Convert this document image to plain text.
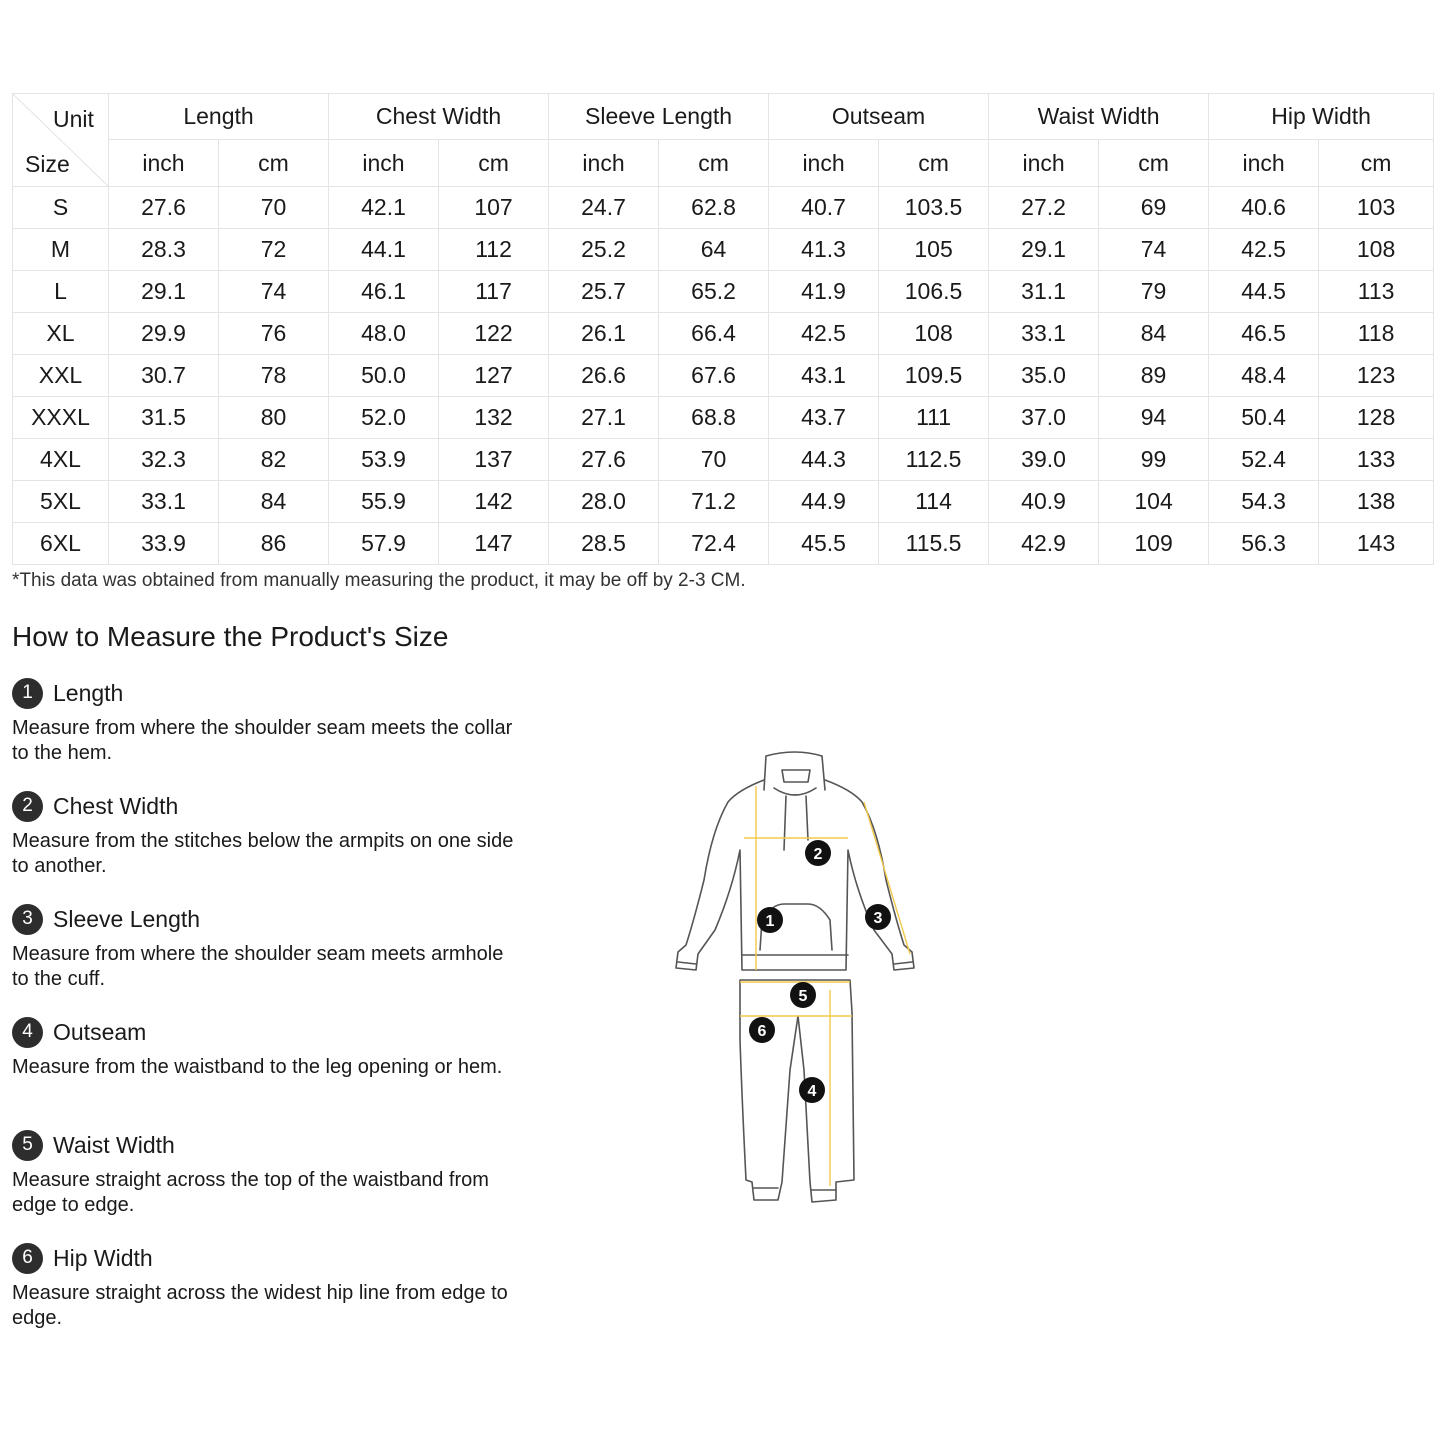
Unit
Size	Length		Chest Width		Sleeve Length		Outseam		Waist Width		Hip Width	
	inch	cm	inch	cm	inch	cm	inch	cm	inch	cm	inch	cm
S	27.6	70	42.1	107	24.7	62.8	40.7	103.5	27.2	69	40.6	103
M	28.3	72	44.1	112	25.2	64	41.3	105	29.1	74	42.5	108
L	29.1	74	46.1	117	25.7	65.2	41.9	106.5	31.1	79	44.5	113
XL	29.9	76	48.0	122	26.1	66.4	42.5	108	33.1	84	46.5	118
XXL	30.7	78	50.0	127	26.6	67.6	43.1	109.5	35.0	89	48.4	123
XXXL	31.5	80	52.0	132	27.1	68.8	43.7	111	37.0	94	50.4	128
4XL	32.3	82	53.9	137	27.6	70	44.3	112.5	39.0	99	52.4	133
5XL	33.1	84	55.9	142	28.0	71.2	44.9	114	40.9	104	54.3	138
6XL	33.9	86	57.9	147	28.5	72.4	45.5	115.5	42.9	109	56.3	143
*This data was obtained from manually measuring the product, it may be off by 2-3 CM.
How to Measure the Product's Size
1 Length
Measure from where the shoulder seam meets the collar to the hem.
2 Chest Width
Measure from the stitches below the armpits on one side to another.
3 Sleeve Length
Measure from where the shoulder seam meets armhole to the cuff.
4 Outseam
Measure from the waistband to the leg opening or hem.
5 Waist Width
Measure straight across the top of the waistband from edge to edge.
6 Hip Width
Measure straight across the widest hip line from edge to edge.
1
2
3
4
5
6
